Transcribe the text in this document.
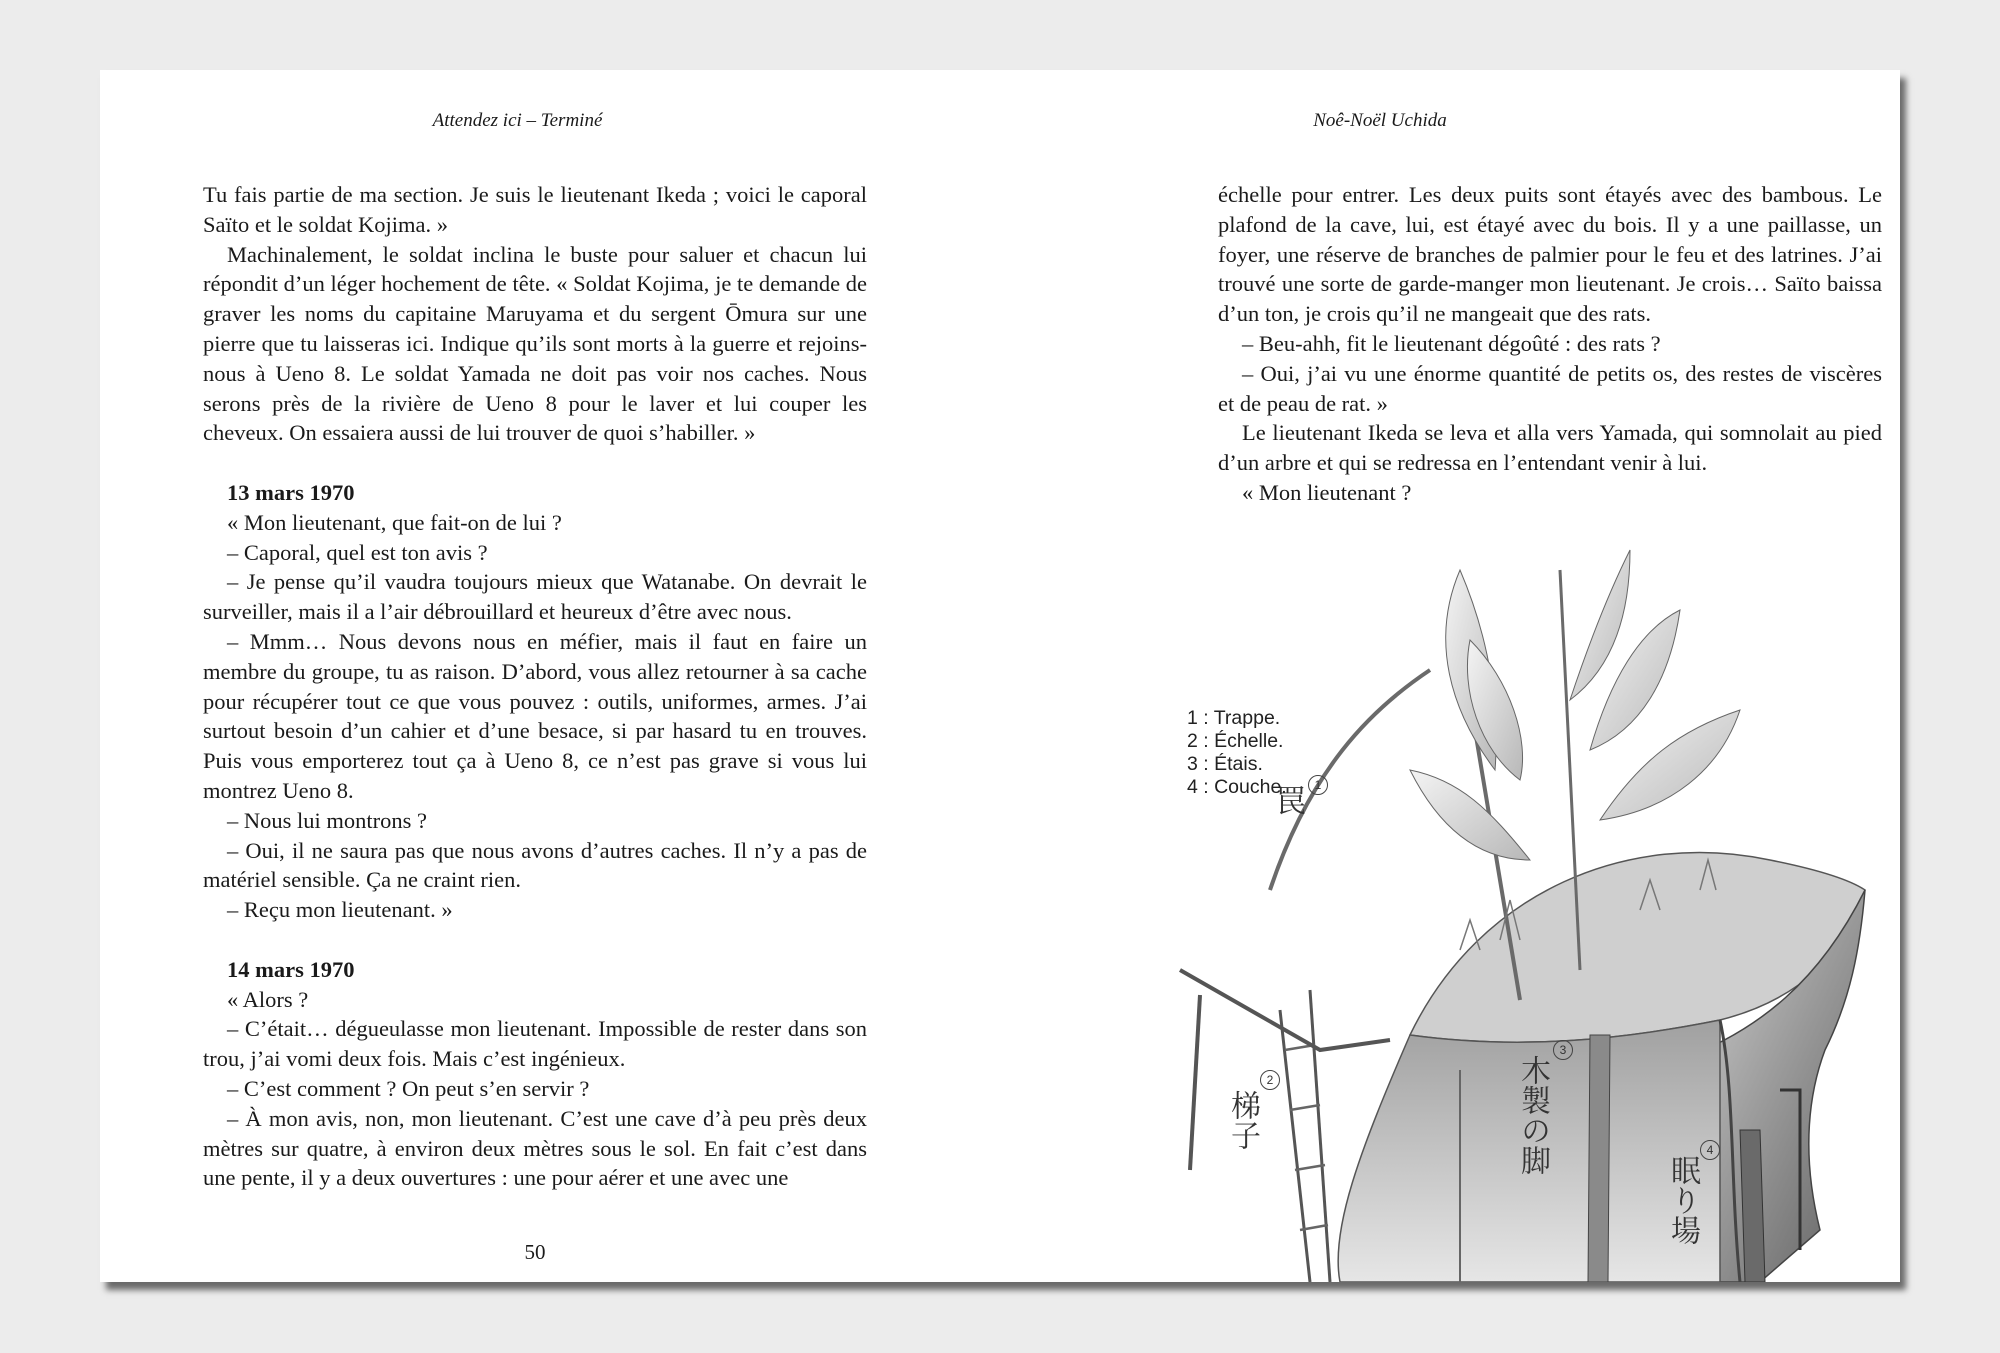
Attendez ici – Terminé

Tu fais partie de ma section. Je suis le lieutenant Ikeda ; voici le caporal Saïto et le soldat Kojima. »

Machinalement, le soldat inclina le buste pour saluer et chacun lui répondit d’un léger hochement de tête. « Soldat Kojima, je te demande de graver les noms du capitaine Maruyama et du sergent Ōmura sur une pierre que tu laisseras ici. Indique qu’ils sont morts à la guerre et rejoins-nous à Ueno 8. Le soldat Yamada ne doit pas voir nos caches. Nous serons près de la rivière de Ueno 8 pour le laver et lui couper les cheveux. On essaiera aussi de lui trouver de quoi s’habiller. »

13 mars 1970

« Mon lieutenant, que fait-on de lui ?

– Caporal, quel est ton avis ?

– Je pense qu’il vaudra toujours mieux que Watanabe. On devrait le surveiller, mais il a l’air débrouillard et heureux d’être avec nous.

– Mmm… Nous devons nous en méfier, mais il faut en faire un membre du groupe, tu as raison. D’abord, vous allez retourner à sa cache pour récupérer tout ce que vous pouvez : outils, uniformes, armes. J’ai surtout besoin d’un cahier et d’une besace, si par hasard tu en trouves. Puis vous emporterez tout ça à Ueno 8, ce n’est pas grave si vous lui montrez Ueno 8.

– Nous lui montrons ?

– Oui, il ne saura pas que nous avons d’autres caches. Il n’y a pas de matériel sensible. Ça ne craint rien.

– Reçu mon lieutenant. »

14 mars 1970

« Alors ?

– C’était… dégueulasse mon lieutenant. Impossible de rester dans son trou, j’ai vomi deux fois. Mais c’est ingénieux.

– C’est comment ? On peut s’en servir ?

– À mon avis, non, mon lieutenant. C’est une cave d’à peu près deux mètres sur quatre, à environ deux mètres sous le sol. En fait c’est dans une pente, il y a deux ouvertures : une pour aérer et une avec une

50
Noê-Noël Uchida

échelle pour entrer. Les deux puits sont étayés avec des bambous. Le plafond de la cave, lui, est étayé avec du bois. Il y a une paillasse, un foyer, une réserve de branches de palmier pour le feu et des latrines. J’ai trouvé une sorte de garde-manger mon lieutenant. Je crois… Saïto baissa d’un ton, je crois qu’il ne mangeait que des rats.

– Beu-ahh, fit le lieutenant dégoûté : des rats ?

– Oui, j’ai vu une énorme quantité de petits os, des restes de viscères et de peau de rat. »

Le lieutenant Ikeda se leva et alla vers Yamada, qui somnolait au pied d’un arbre et qui se redressa en l’entendant venir à lui.

« Mon lieutenant ?

1
罠
2
梯子
3
木製の脚	4
眠り場
1 : Trappe.
2 : Échelle.
3 : Étais.
4 : Couche.
